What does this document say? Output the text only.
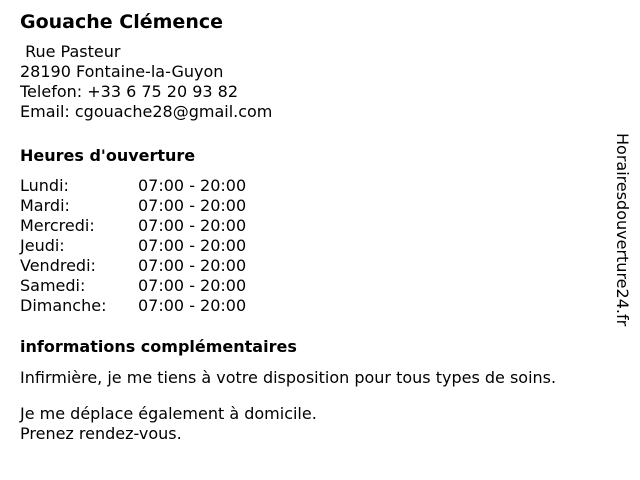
Gouache Clémence
Rue Pasteur
28190 Fontaine-la-Guyon
Telefon: +33 6 75 20 93 82
Email: cgouache28@gmail.com
Heures d'ouverture
Lundi:	07:00 - 20:00
Mardi:	07:00 - 20:00
Mercredi:	07:00 - 20:00
Jeudi:	07:00 - 20:00
Vendredi:	07:00 - 20:00
Samedi:	07:00 - 20:00
Dimanche:	07:00 - 20:00
informations complémentaires
Infirmière, je me tiens à votre disposition pour tous types de soins.
Je me déplace également à domicile.
Prenez rendez-vous.
Horairesdouverture24.fr
